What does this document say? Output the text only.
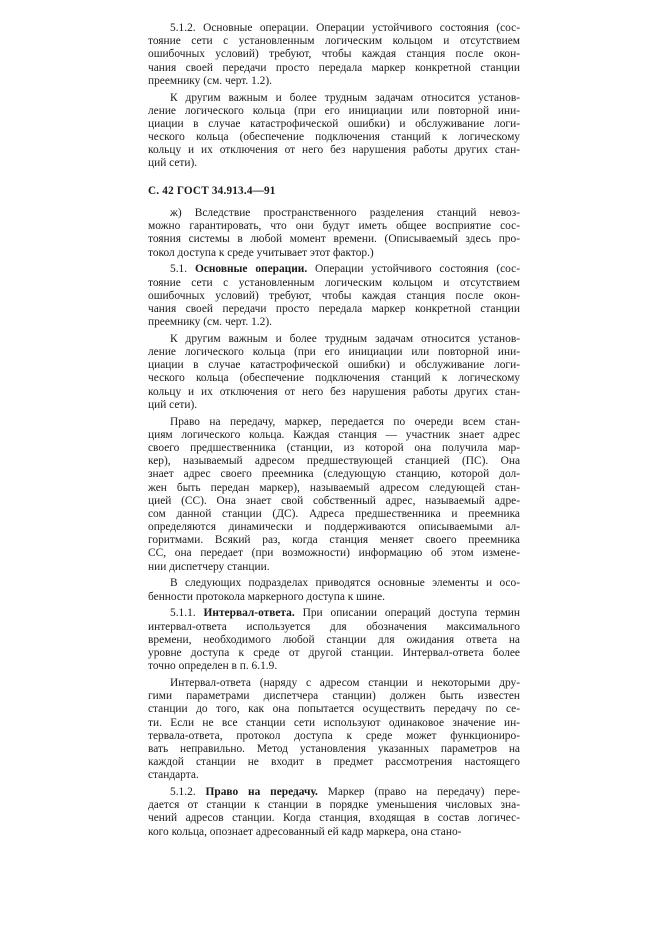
С. 42 ГОСТ 34.913.4—91
5.1.2. Основные операции. Операции устойчивого состояния (сос-
тояние сети с установленным логическим кольцом и отсутствием
ошибочных условий) требуют, чтобы каждая станция после окон-
чания своей передачи просто передала маркер конкретной станции
преемнику (см. черт. 1.2).
К другим важным и более трудным задачам относится установ-
ление логического кольца (при его инициации или повторной ини-
циации в случае катастрофической ошибки) и обслуживание логи-
ческого кольца (обеспечение подключения станций к логическому
кольцу и их отключения от него без нарушения работы других стан-
ций сети).
ж) Вследствие пространственного разделения станций невоз-
можно гарантировать, что они будут иметь общее восприятие сос-
тояния системы в любой момент времени. (Описываемый здесь про-
токол доступа к среде учитывает этот фактор.)
5.1. Основные операции. Операции устойчивого состояния (сос-
тояние сети с установленным логическим кольцом и отсутствием
ошибочных условий) требуют, чтобы каждая станция после окон-
чания своей передачи просто передала маркер конкретной станции
преемнику (см. черт. 1.2).
К другим важным и более трудным задачам относится установ-
ление логического кольца (при его инициации или повторной ини-
циации в случае катастрофической ошибки) и обслуживание логи-
ческого кольца (обеспечение подключения станций к логическому
кольцу и их отключения от него без нарушения работы других стан-
ций сети).
Право на передачу, маркер, передается по очереди всем стан-
циям логического кольца. Каждая станция — участник знает адрес
своего предшественника (станции, из которой она получила мар-
кер), называемый адресом предшествующей станцией (ПС). Она
знает адрес своего преемника (следующую станцию, которой дол-
жен быть передан маркер), называемый адресом следующей стан-
цией (СС). Она знает свой собственный адрес, называемый адре-
сом данной станции (ДС). Адреса предшественника и преемника
определяются динамически и поддерживаются описываемыми ал-
горитмами. Всякий раз, когда станция меняет своего преемника
СС, она передает (при возможности) информацию об этом измене-
нии диспетчеру станции.
В следующих подразделах приводятся основные элементы и осо-
бенности протокола маркерного доступа к шине.
5.1.1. Интервал-ответа. При описании операций доступа термин
интервал-ответа используется для обозначения максимального
времени, необходимого любой станции для ожидания ответа на
уровне доступа к среде от другой станции. Интервал-ответа более
точно определен в п. 6.1.9.
Интервал-ответа (наряду с адресом станции и некоторыми дру-
гими параметрами диспетчера станции) должен быть известен
станции до того, как она попытается осуществить передачу по се-
ти. Если не все станции сети используют одинаковое значение ин-
тервала-ответа, протокол доступа к среде может функциониро-
вать неправильно. Метод установления указанных параметров на
каждой станции не входит в предмет рассмотрения настоящего
стандарта.
5.1.2. Право на передачу. Маркер (право на передачу) пере-
дается от станции к станции в порядке уменьшения числовых зна-
чений адресов станции. Когда станция, входящая в состав логичес-
кого кольца, опознает адресованный ей кадр маркера, она стано-
